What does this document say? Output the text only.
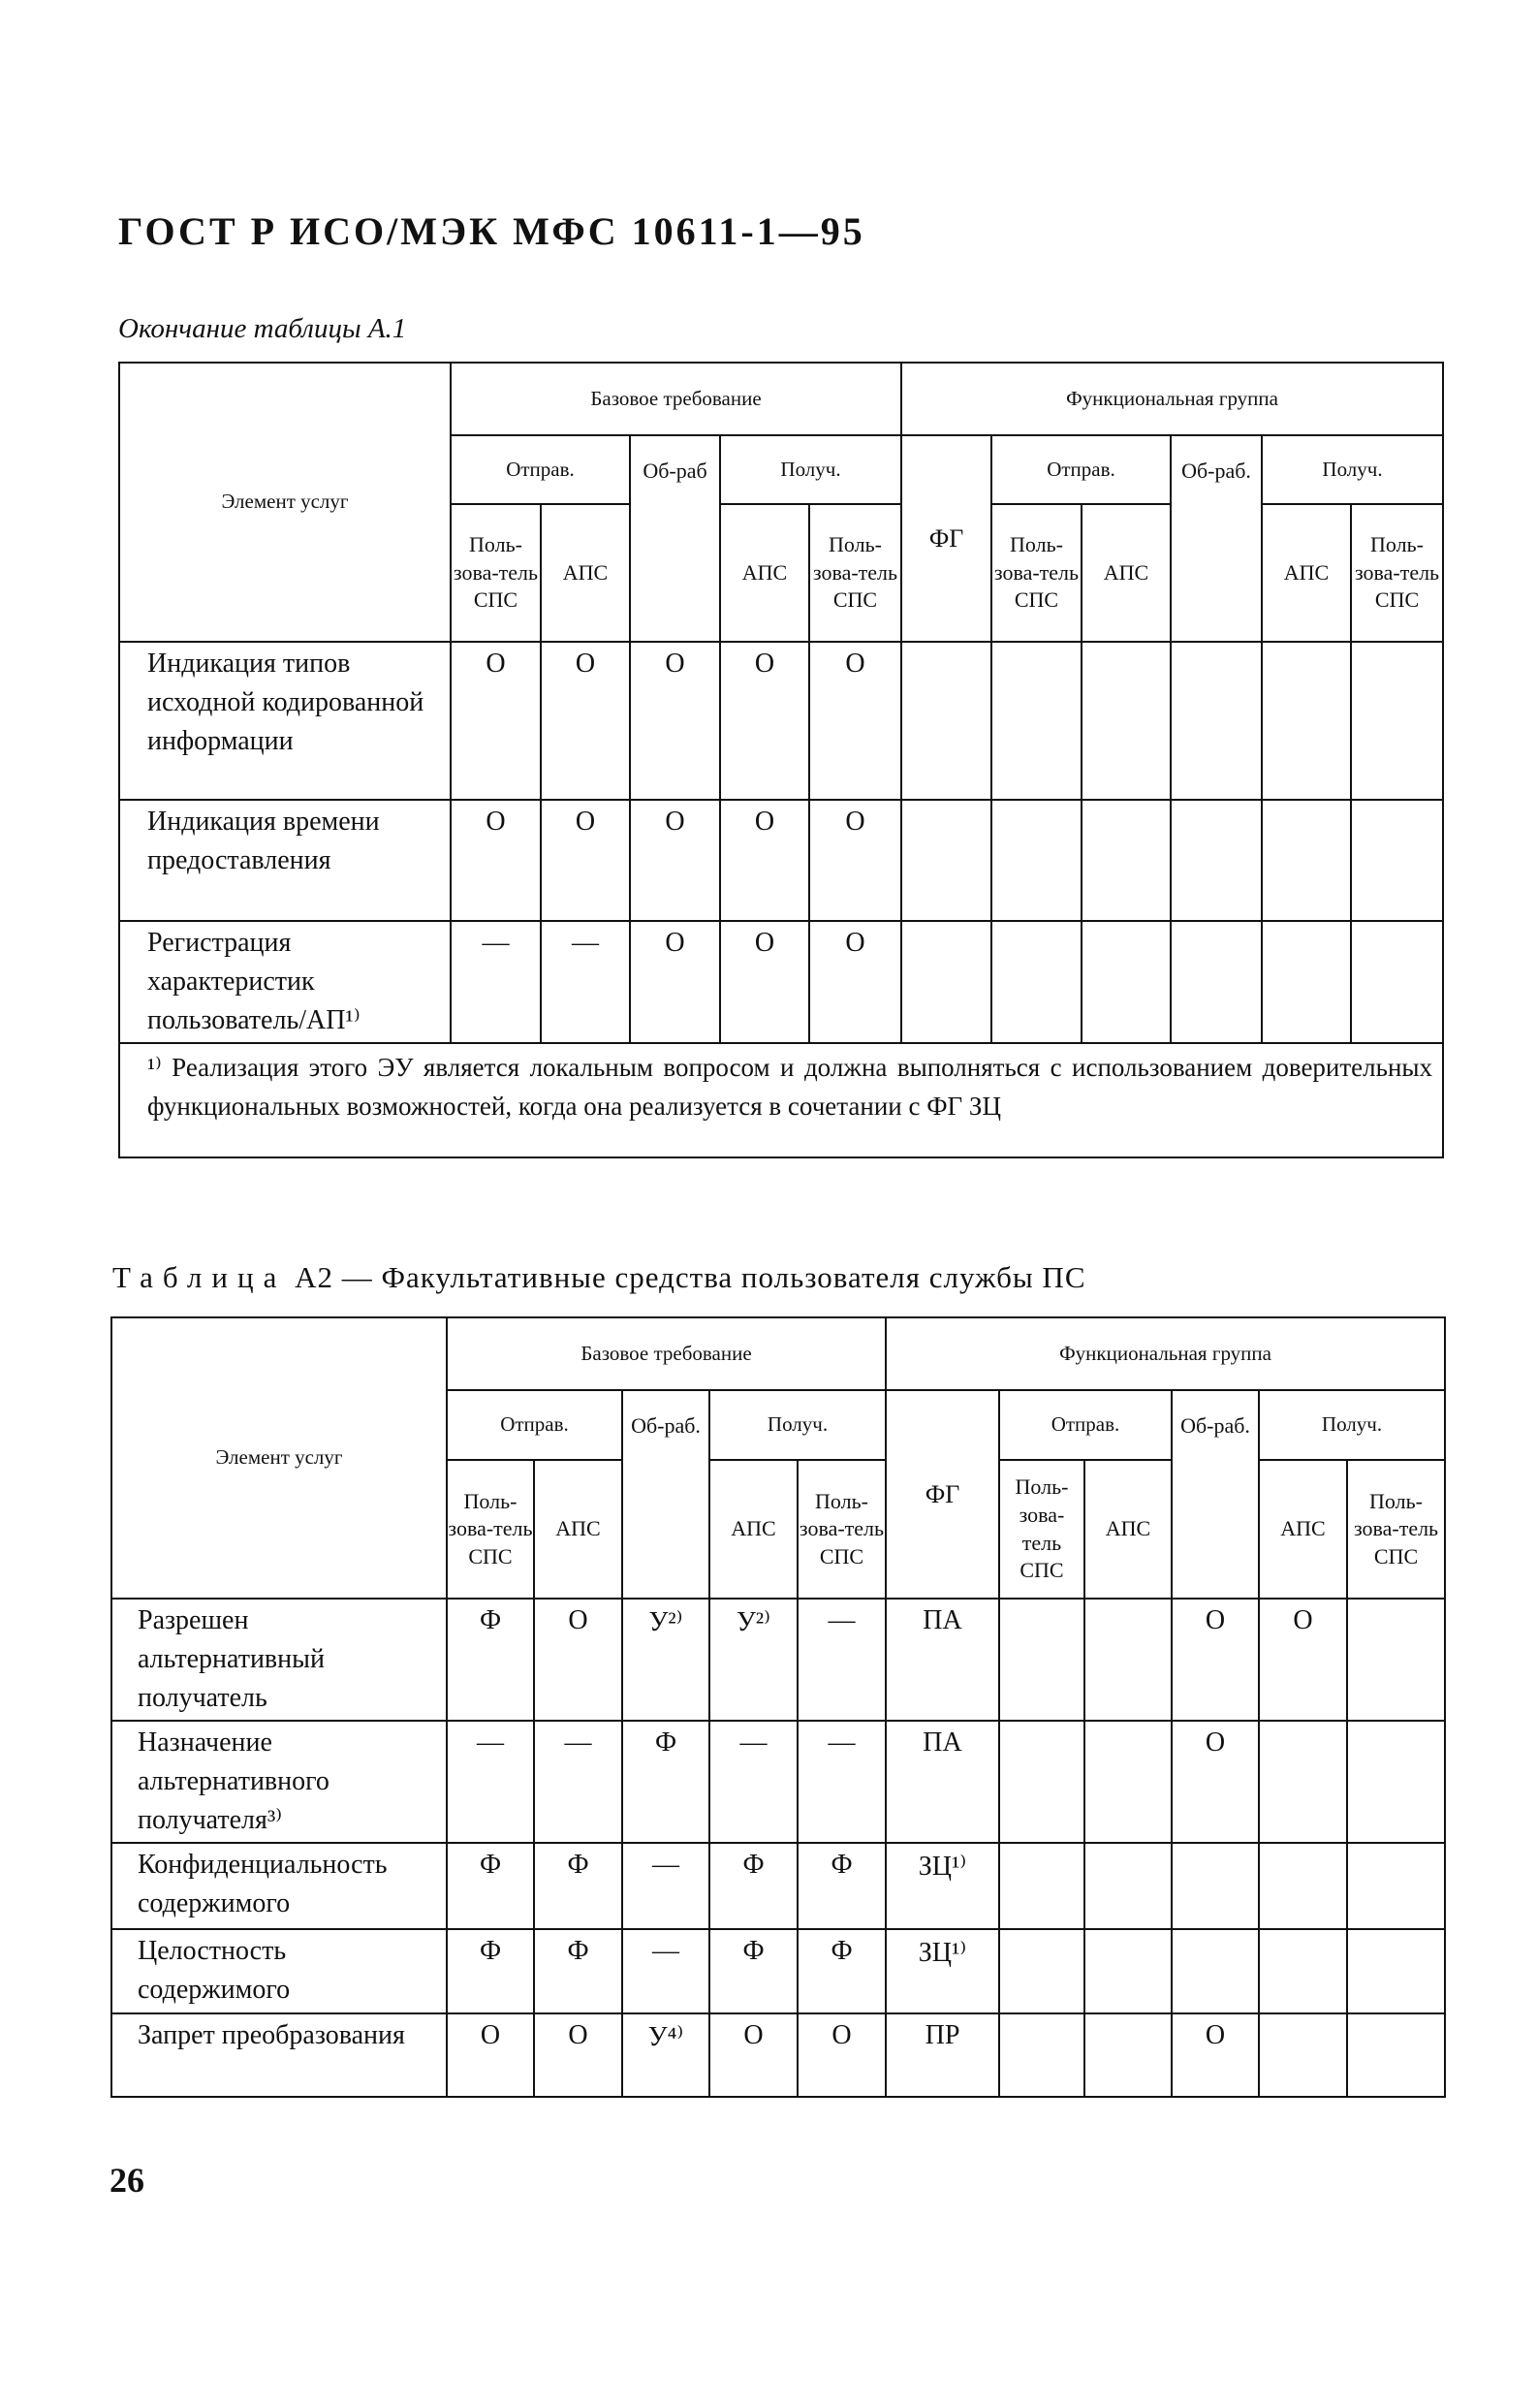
ГОСТ Р ИСО/МЭК МФС 10611-1—95
Окончание таблицы А.1
Элемент услуг	Базовое требование					Функциональная группа					
	Отправ.		Об-раб	Получ.		ФГ	Отправ.		Об-раб.	Получ.	
	Поль-зова-тель СПС	АПС		АПС	Поль-зова-тель СПС		Поль-зова-тель СПС	АПС		АПС	Поль-зова-тель СПС
Индикация типов исходной кодированной информации	О	О	О	О	О						
Индикация времени предоставления	О	О	О	О	О						
Регистрация характеристик пользователь/АП¹⁾	—	—	О	О	О						
¹⁾ Реализация этого ЭУ является локальным вопросом и должна выполняться с использованием доверительных функциональных возможностей, когда она реализуется в сочетании с ФГ ЗЦ											
Таблица А2 — Факультативные средства пользователя службы ПС
Элемент услуг	Базовое требование					Функциональная группа					
	Отправ.		Об-раб.	Получ.		ФГ	Отправ.		Об-раб.	Получ.	
	Поль-зова-тель СПС	АПС		АПС	Поль-зова-тель СПС		Поль-зова-тель СПС	АПС		АПС	Поль-зова-тель СПС
Разрешен альтернативный получатель	Ф	О	У²⁾	У²⁾	—	ПА			О	О	
Назначение альтернативного получателя³⁾	—	—	Ф	—	—	ПА			О		
Конфиденциальность содержимого	Ф	Ф	—	Ф	Ф	ЗЦ¹⁾					
Целостность содержимого	Ф	Ф	—	Ф	Ф	ЗЦ¹⁾					
Запрет преобразования	О	О	У⁴⁾	О	О	ПР			О		
26
